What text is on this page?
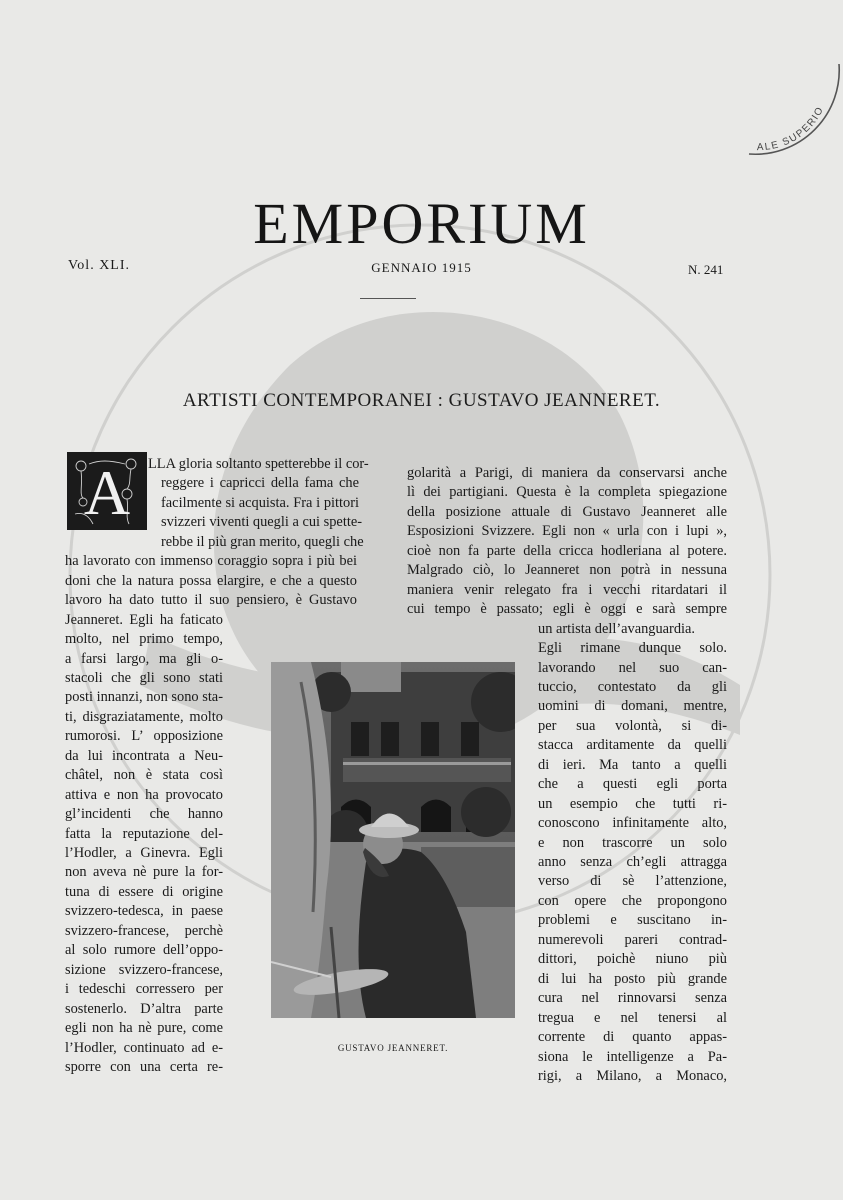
ALE SUPERIO
EMPORIUM
Vol. XLI.	GENNAIO 1915	N. 241
ARTISTI CONTEMPORANEI : GUSTAVO JEANNERET.
A	LLA gloria soltanto spetterebbe il cor-
reggere i capricci della fama che
facilmente si acquista. Fra i pittori
svizzeri viventi quegli a cui spette-
rebbe il più gran merito, quegli che
ha lavorato con immenso coraggio sopra i più bei
doni che la natura possa elargire, e che a questo
lavoro ha dato tutto il suo pensiero, è Gustavo
Jeanneret. Egli ha faticato
molto, nel primo tempo,
a farsi largo, ma gli o-
stacoli che gli sono stati
posti innanzi, non sono sta-
ti, disgraziatamente, molto
rumorosi. L’ opposizione
da lui incontrata a Neu-
châtel, non è stata così
attiva e non ha provocato
gl’incidenti che hanno
fatta la reputazione del-
l’Hodler, a Ginevra. Egli
non aveva nè pure la for-
tuna di essere di origine
svizzero-tedesca, in paese
svizzero-francese, perchè
al solo rumore dell’oppo-
sizione svizzero-francese,
i tedeschi corressero per
sostenerlo. D’altra parte
egli non ha nè pure, come
l’Hodler, continuato ad e-
sporre con una certa re-
golarità a Parigi, di maniera da conservarsi anche
lì dei partigiani. Questa è la completa spiegazione
della posizione attuale di Gustavo Jeanneret alle
Esposizioni Svizzere. Egli non « urla con i lupi »,
cioè non fa parte della cricca hodleriana al potere.
Malgrado ciò, lo Jeanneret non potrà in nessuna
maniera venir relegato fra i vecchi ritardatari il
cui tempo è passato; egli è oggi e sarà sempre
un artista dell’avanguardia.
Egli rimane dunque solo.
lavorando nel suo can-
tuccio, contestato da gli
uomini di domani, mentre,
per sua volontà, si di-
stacca arditamente da quelli
di ieri. Ma tanto a quelli
che a questi egli porta
un esempio che tutti ri-
conoscono infinitamente alto,
e non trascorre un solo
anno senza ch’egli attragga
verso di sè l’attenzione,
con opere che propongono
problemi e suscitano in-
numerevoli pareri contrad-
dittori, poichè niuno più
di lui ha posto più grande
cura nel rinnovarsi senza
tregua e nel tenersi al
corrente di quanto appas-
siona le intelligenze a Pa-
rigi, a Milano, a Monaco,
GUSTAVO JEANNERET.
